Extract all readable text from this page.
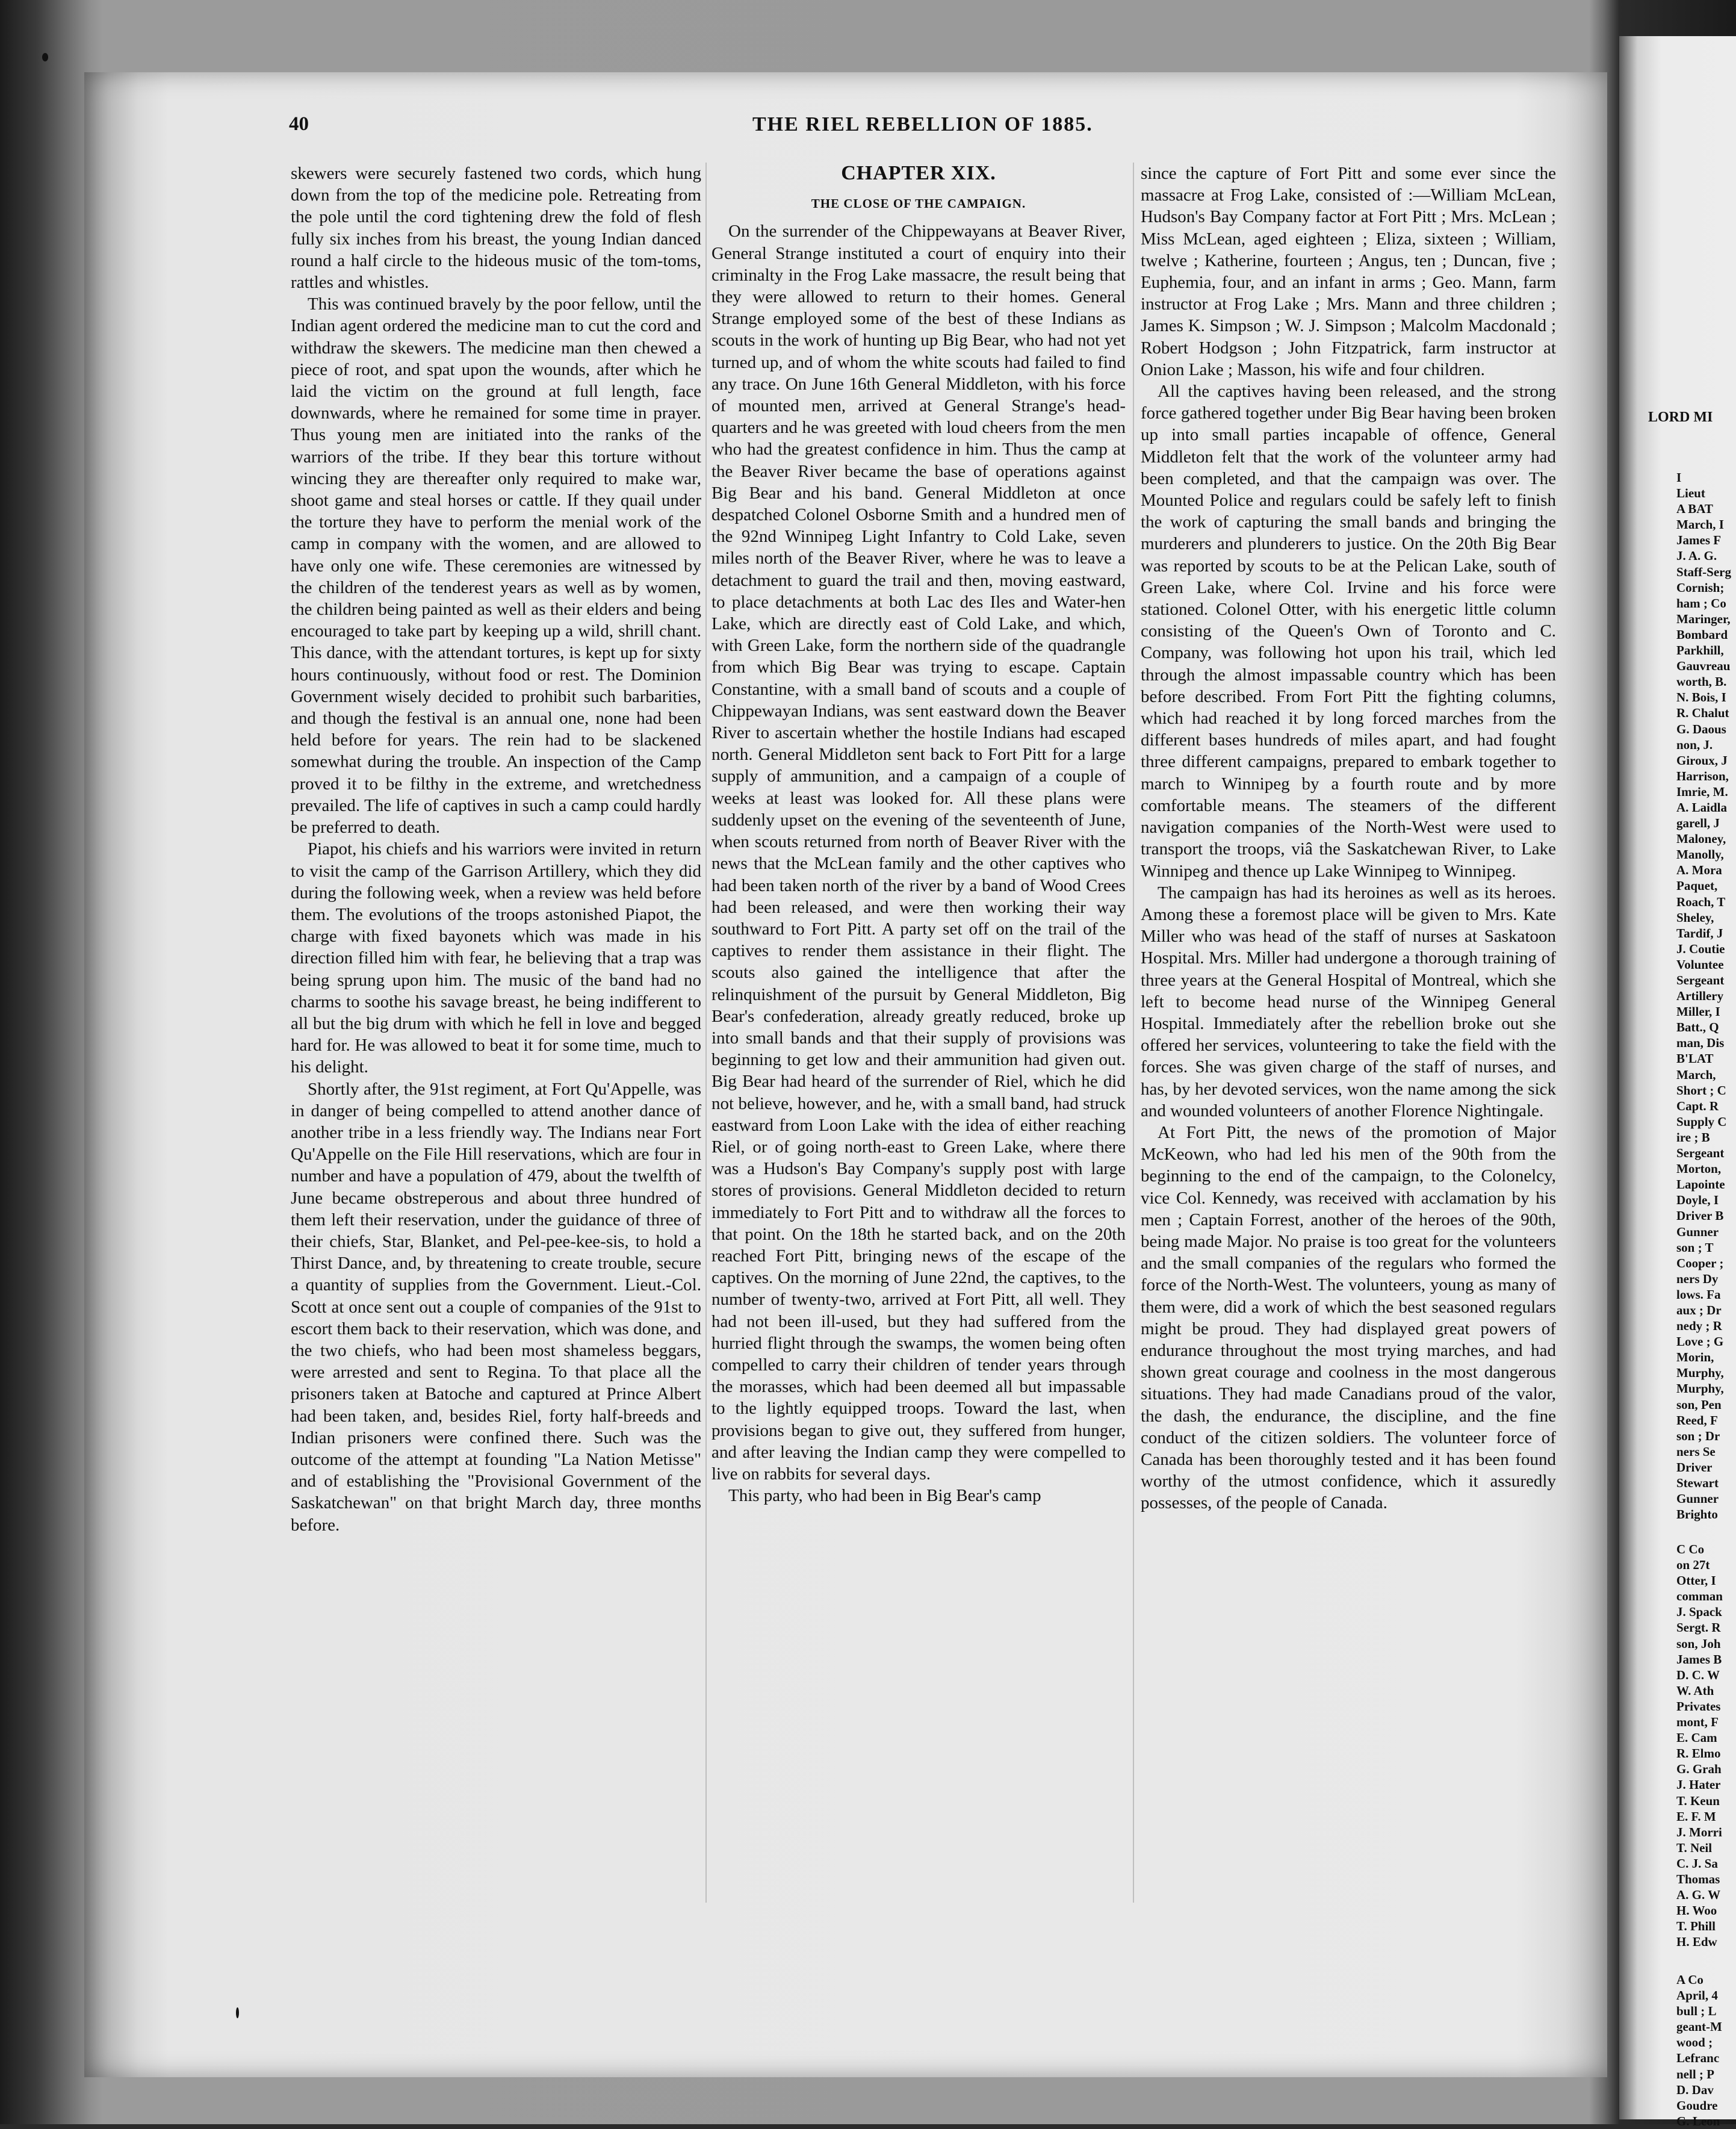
40	THE RIEL REBELLION OF 1885.

skewers were securely fastened two cords, which hung down from the top of the medicine pole. Retreating from the pole until the cord tightening drew the fold of flesh fully six inches from his breast, the young Indian danced round a half circle to the hideous music of the tom-toms, rattles and whistles.

This was continued bravely by the poor fellow, until the Indian agent ordered the medicine man to cut the cord and withdraw the skewers. The medicine man then chewed a piece of root, and spat upon the wounds, after which he laid the victim on the ground at full length, face downwards, where he remained for some time in prayer. Thus young men are initiated into the ranks of the warriors of the tribe. If they bear this torture without wincing they are thereafter only required to make war, shoot game and steal horses or cattle. If they quail under the torture they have to perform the menial work of the camp in company with the women, and are allowed to have only one wife. These ceremonies are witnessed by the children of the tenderest years as well as by women, the children being painted as well as their elders and being encouraged to take part by keeping up a wild, shrill chant. This dance, with the attendant tortures, is kept up for sixty hours continuously, without food or rest. The Dominion Government wisely decided to prohibit such barbarities, and though the festival is an annual one, none had been held before for years. The rein had to be slackened somewhat during the trouble. An inspection of the Camp proved it to be filthy in the extreme, and wretchedness prevailed. The life of captives in such a camp could hardly be preferred to death.

Piapot, his chiefs and his warriors were invited in return to visit the camp of the Garrison Artillery, which they did during the following week, when a review was held before them. The evolutions of the troops astonished Piapot, the charge with fixed bayonets which was made in his direction filled him with fear, he believing that a trap was being sprung upon him. The music of the band had no charms to soothe his savage breast, he being indifferent to all but the big drum with which he fell in love and begged hard for. He was allowed to beat it for some time, much to his delight.

Shortly after, the 91st regiment, at Fort Qu'Appelle, was in danger of being compelled to attend another dance of another tribe in a less friendly way. The Indians near Fort Qu'Appelle on the File Hill reservations, which are four in number and have a population of 479, about the twelfth of June became obstreperous and about three hundred of them left their reservation, under the guidance of three of their chiefs, Star, Blanket, and Pel-pee-kee-sis, to hold a Thirst Dance, and, by threatening to create trouble, secure a quantity of supplies from the Government. Lieut.-Col. Scott at once sent out a couple of companies of the 91st to escort them back to their reservation, which was done, and the two chiefs, who had been most shameless beggars, were arrested and sent to Regina. To that place all the prisoners taken at Batoche and captured at Prince Albert had been taken, and, besides Riel, forty half-breeds and Indian prisoners were confined there. Such was the outcome of the attempt at founding "La Nation Metisse" and of establishing the "Provisional Government of the Saskatchewan" on that bright March day, three months before.

CHAPTER XIX.
THE CLOSE OF THE CAMPAIGN.

On the surrender of the Chippewayans at Beaver River, General Strange instituted a court of enquiry into their criminalty in the Frog Lake massacre, the result being that they were allowed to return to their homes. General Strange employed some of the best of these Indians as scouts in the work of hunting up Big Bear, who had not yet turned up, and of whom the white scouts had failed to find any trace. On June 16th General Middleton, with his force of mounted men, arrived at General Strange's head-quarters and he was greeted with loud cheers from the men who had the greatest confidence in him. Thus the camp at the Beaver River became the base of operations against Big Bear and his band. General Middleton at once despatched Colonel Osborne Smith and a hundred men of the 92nd Winnipeg Light Infantry to Cold Lake, seven miles north of the Beaver River, where he was to leave a detachment to guard the trail and then, moving eastward, to place detachments at both Lac des Iles and Water-hen Lake, which are directly east of Cold Lake, and which, with Green Lake, form the northern side of the quadrangle from which Big Bear was trying to escape. Captain Constantine, with a small band of scouts and a couple of Chippewayan Indians, was sent eastward down the Beaver River to ascertain whether the hostile Indians had escaped north. General Middleton sent back to Fort Pitt for a large supply of ammunition, and a campaign of a couple of weeks at least was looked for. All these plans were suddenly upset on the evening of the seventeenth of June, when scouts returned from north of Beaver River with the news that the McLean family and the other captives who had been taken north of the river by a band of Wood Crees had been released, and were then working their way southward to Fort Pitt. A party set off on the trail of the captives to render them assistance in their flight. The scouts also gained the intelligence that after the relinquishment of the pursuit by General Middleton, Big Bear's confederation, already greatly reduced, broke up into small bands and that their supply of provisions was beginning to get low and their ammunition had given out. Big Bear had heard of the surrender of Riel, which he did not believe, however, and he, with a small band, had struck eastward from Loon Lake with the idea of either reaching Riel, or of going north-east to Green Lake, where there was a Hudson's Bay Company's supply post with large stores of provisions. General Middleton decided to return immediately to Fort Pitt and to withdraw all the forces to that point. On the 18th he started back, and on the 20th reached Fort Pitt, bringing news of the escape of the captives. On the morning of June 22nd, the captives, to the number of twenty-two, arrived at Fort Pitt, all well. They had not been ill-used, but they had suffered from the hurried flight through the swamps, the women being often compelled to carry their children of tender years through the morasses, which had been deemed all but impassable to the lightly equipped troops. Toward the last, when provisions began to give out, they suffered from hunger, and after leaving the Indian camp they were compelled to live on rabbits for several days.

This party, who had been in Big Bear's camp

since the capture of Fort Pitt and some ever since the massacre at Frog Lake, consisted of :—William McLean, Hudson's Bay Company factor at Fort Pitt ; Mrs. McLean ; Miss McLean, aged eighteen ; Eliza, sixteen ; William, twelve ; Katherine, fourteen ; Angus, ten ; Duncan, five ; Euphemia, four, and an infant in arms ; Geo. Mann, farm instructor at Frog Lake ; Mrs. Mann and three children ; James K. Simpson ; W. J. Simpson ; Malcolm Macdonald ; Robert Hodgson ; John Fitzpatrick, farm instructor at Onion Lake ; Masson, his wife and four children.

All the captives having been released, and the strong force gathered together under Big Bear having been broken up into small parties incapable of offence, General Middleton felt that the work of the volunteer army had been completed, and that the campaign was over. The Mounted Police and regulars could be safely left to finish the work of capturing the small bands and bringing the murderers and plunderers to justice. On the 20th Big Bear was reported by scouts to be at the Pelican Lake, south of Green Lake, where Col. Irvine and his force were stationed. Colonel Otter, with his energetic little column consisting of the Queen's Own of Toronto and C. Company, was following hot upon his trail, which led through the almost impassable country which has been before described. From Fort Pitt the fighting columns, which had reached it by long forced marches from the different bases hundreds of miles apart, and had fought three different campaigns, prepared to embark together to march to Winnipeg by a fourth route and by more comfortable means. The steamers of the different navigation companies of the North-West were used to transport the troops, viâ the Saskatchewan River, to Lake Winnipeg and thence up Lake Winnipeg to Winnipeg.

The campaign has had its heroines as well as its heroes. Among these a foremost place will be given to Mrs. Kate Miller who was head of the staff of nurses at Saskatoon Hospital. Mrs. Miller had undergone a thorough training of three years at the General Hospital of Montreal, which she left to become head nurse of the Winnipeg General Hospital. Immediately after the rebellion broke out she offered her services, volunteering to take the field with the forces. She was given charge of the staff of nurses, and has, by her devoted services, won the name among the sick and wounded volunteers of another Florence Nightingale.

At Fort Pitt, the news of the promotion of Major McKeown, who had led his men of the 90th from the beginning to the end of the campaign, to the Colonelcy, vice Col. Kennedy, was received with acclamation by his men ; Captain Forrest, another of the heroes of the 90th, being made Major. No praise is too great for the volunteers and the small companies of the regulars who formed the force of the North-West. The volunteers, young as many of them were, did a work of which the best seasoned regulars might be proud. They had displayed great powers of endurance throughout the most trying marches, and had shown great courage and coolness in the most dangerous situations. They had made Canadians proud of the valor, the dash, the endurance, the discipline, and the fine conduct of the citizen soldiers. The volunteer force of Canada has been thoroughly tested and it has been found worthy of the utmost confidence, which it assuredly possesses, of the people of Canada.

LORD MI
I
Lieut
A BAT
March, I
James F
J. A. G.
Staff-Serg
Cornish;
ham ; Co
Maringer,
Bombard
Parkhill,
Gauvreau
worth, B.
N. Bois, I
R. Chalut
G. Daous
non, J.
Giroux, J
Harrison,
Imrie, M.
A. Laidla
garell, J
Maloney,
Manolly,
A. Mora
Paquet,
Roach, T
Sheley,
Tardif, J
J. Coutie
Voluntee
Sergeant
Artillery
Miller, I
Batt., Q
man, Dis
B'LAT
March,
Short ; C
Capt. R
Supply C
ire ; B
Sergeant
Morton,
Lapointe
Doyle, I
Driver B
Gunner
son ; T
Cooper ;
ners Dy
lows. Fa
aux ; Dr
nedy ; R
Love ; G
Morin,
Murphy,
Murphy,
son, Pen
Reed, F
son ; Dr
ners Se
Driver
Stewart
Gunner
Brighto
C Co
on 27t
Otter, I
comman
J. Spack
Sergt. R
son, Joh
James B
D. C. W
W. Ath
Privates
mont, F
E. Cam
R. Elmo
G. Grah
J. Hater
T. Keun
E. F. M
J. Morri
T. Neil
C. J. Sa
Thomas
A. G. W
H. Woo
T. Phill
H. Edw
A Co
April, 4
bull ; L
geant-M
wood ;
Lefranc
nell ; P
D. Dav
Goudre
G. Leon
